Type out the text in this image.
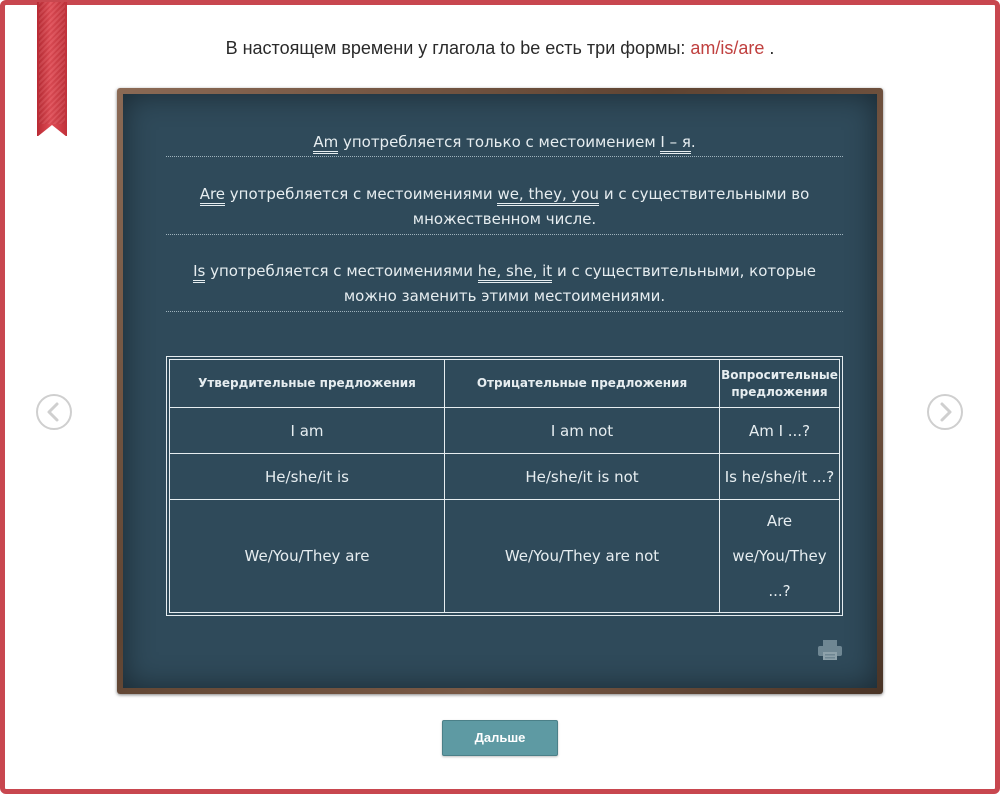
В настоящем времени у глагола to be есть три формы: am/is/are .
Am употребляется только с местоимением I – я.
Are употребляется с местоимениями we, they, you и с существительными во множественном числе.
Is употребляется с местоимениями he, she, it и с существительными, которые можно заменить этими местоимениями.
Утвердительные предложения	Отрицательные предложения	Вопросительные предложения
I am	I am not	Am I ...?
He/she/it is	He/she/it is not	Is he/she/it ...?
We/You/They are	We/You/They are not	Are we/You/They ...?
Дальше
